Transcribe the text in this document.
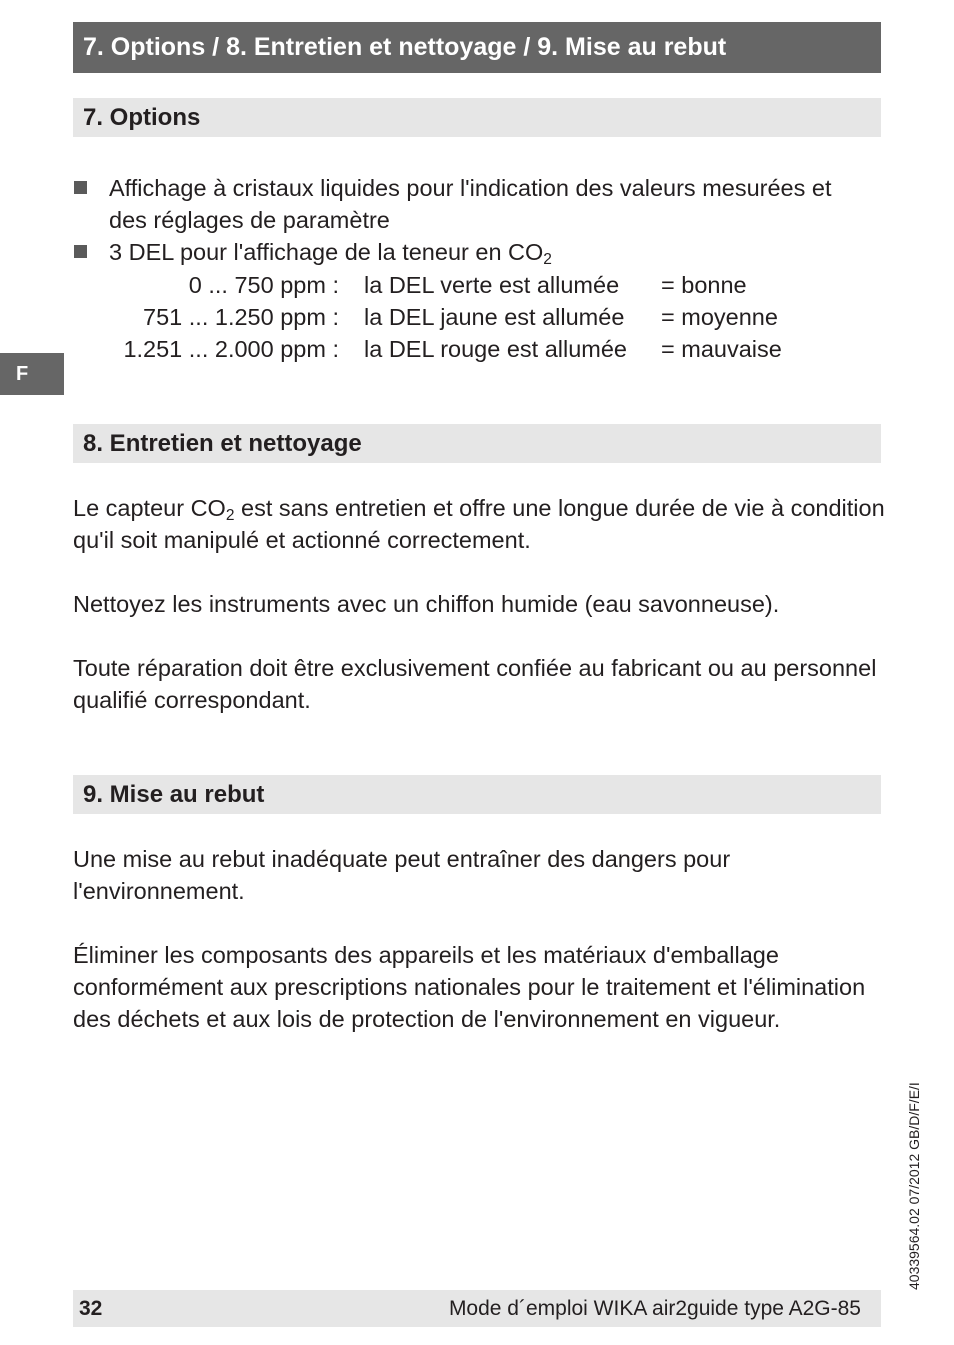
7. Options / 8. Entretien et nettoyage / 9. Mise au rebut
7. Options

Affichage à cristaux liquides pour l'indication des valeurs mesurées et des réglages de paramètre

3 DEL pour l'affichage de la teneur en $CO_2$

0 ... 750 ppm : la DEL verte est allumée = bonne
751 ... 1.250 ppm : la DEL jaune est allumée = moyenne
1.251 ... 2.000 ppm : la DEL rouge est allumée = mauvaise
F
8. Entretien et nettoyage

Le capteur $CO_2$ est sans entretien et offre une longue durée de vie à condition qu'il soit manipulé et actionné correctement.

Nettoyez les instruments avec un chiffon humide (eau savonneuse).

Toute réparation doit être exclusivement confiée au fabricant ou au personnel qualifié correspondant.

9. Mise au rebut

Une mise au rebut inadéquate peut entraîner des dangers pour l'environnement.

Éliminer les composants des appareils et les matériaux d'emballage conformément aux prescriptions nationales pour le traitement et l'élimination des déchets et aux lois de protection de l'environnement en vigueur.

40339564.02 07/2012 GB/D/F/E/I
32	Mode d´emploi WIKA air2guide type A2G-85
